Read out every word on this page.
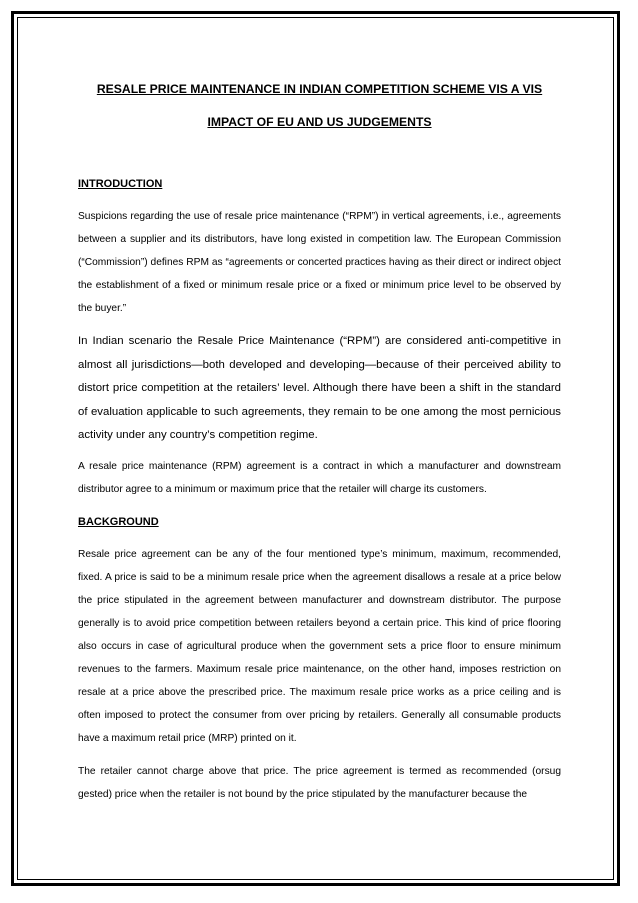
RESALE PRICE MAINTENANCE IN INDIAN COMPETITION SCHEME VIS A VIS IMPACT OF EU AND US JUDGEMENTS
INTRODUCTION

Suspicions regarding the use of resale price maintenance (“RPM”) in vertical agreements, i.e., agreements between a supplier and its distributors, have long existed in competition law. The European Commission (“Commission”) defines RPM as “agreements or concerted practices having as their direct or indirect object the establishment of a fixed or minimum resale price or a fixed or minimum price level to be observed by the buyer.”

In Indian scenario the Resale Price Maintenance (“RPM”) are considered anti-competitive in almost all jurisdictions—both developed and developing—because of their perceived ability to distort price competition at the retailers’ level. Although there have been a shift in the standard of evaluation applicable to such agreements, they remain to be one among the most pernicious activity under any country’s competition regime.

A resale price maintenance (RPM) agreement is a contract in which a manufacturer and downstream distributor agree to a minimum or maximum price that the retailer will charge its customers.

BACKGROUND

Resale price agreement can be any of the four mentioned type’s minimum, maximum, recommended, fixed. A price is said to be a minimum resale price when the agreement disallows a resale at a price below the price stipulated in the agreement between manufacturer and downstream distributor. The purpose generally is to avoid price competition between retailers beyond a certain price. This kind of price flooring also occurs in case of agricultural produce when the government sets a price floor to ensure minimum revenues to the farmers. Maximum resale price maintenance, on the other hand, imposes restriction on resale at a price above the prescribed price. The maximum resale price works as a price ceiling and is often imposed to protect the consumer from over pricing by retailers. Generally all consumable products have a maximum retail price (MRP) printed on it.

The retailer cannot charge above that price. The price agreement is termed as recommended (orsug gested) price when the retailer is not bound by the price stipulated by the manufacturer because the
